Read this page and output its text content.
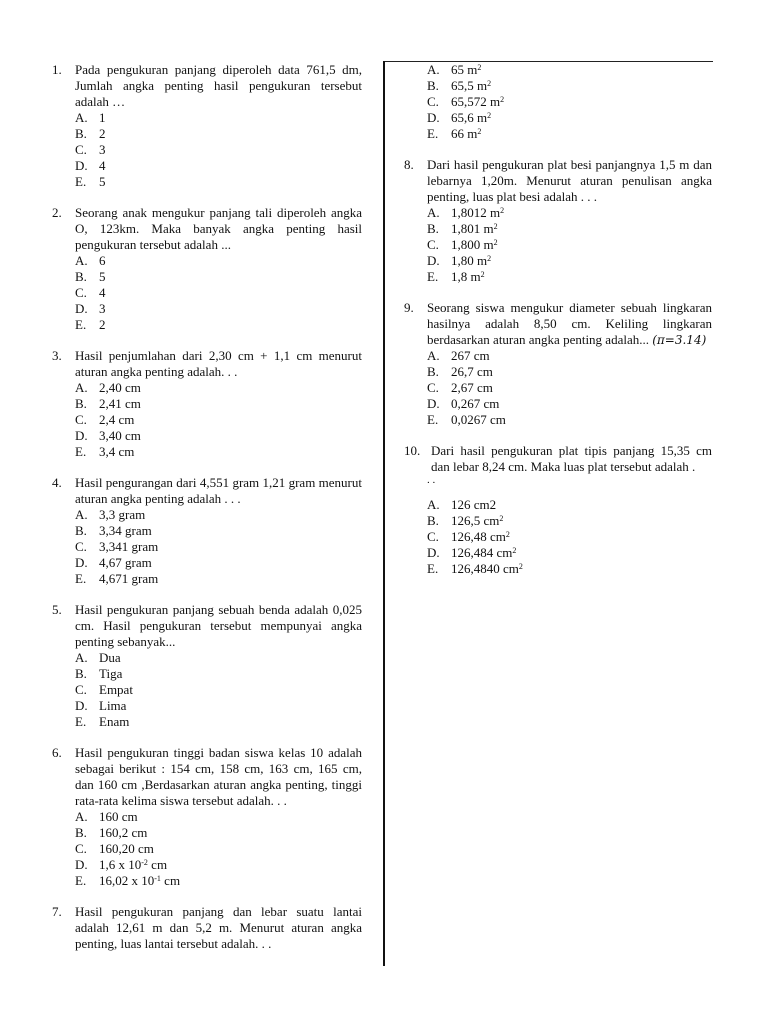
1.	Pada pengukuran panjang diperoleh data 761,5 dm, Jumlah angka penting hasil pengukuran tersebut adalah …
A. 1
B. 2
C. 3
D. 4
E. 5
2.	Seorang anak mengukur panjang tali diperoleh angka O, 123km. Maka banyak angka penting hasil pengukuran tersebut adalah ...
A. 6
B. 5
C. 4
D. 3
E. 2
3.	Hasil penjumlahan dari 2,30 cm + 1,1 cm menurut aturan angka penting adalah. . .
A. 2,40 cm
B. 2,41 cm
C. 2,4 cm
D. 3,40 cm
E. 3,4 cm
4.	Hasil pengurangan dari 4,551 gram 1,21 gram menurut aturan angka penting adalah . . .
A. 3,3 gram
B. 3,34 gram
C. 3,341 gram
D. 4,67 gram
E. 4,671 gram
5.	Hasil pengukuran panjang sebuah benda adalah 0,025 cm. Hasil pengukuran tersebut mempunyai angka penting sebanyak...
A. Dua
B. Tiga
C. Empat
D. Lima
E. Enam
6.	Hasil pengukuran tinggi badan siswa kelas 10 adalah sebagai berikut : 154 cm, 158 cm, 163 cm, 165 cm, dan 160 cm ,Berdasarkan aturan angka penting, tinggi rata-rata kelima siswa tersebut adalah. . .
A. 160 cm
B. 160,2 cm
C. 160,20 cm
D. 1,6 x $10^{-2}$ cm
E. 16,02 x $10^{-1}$ cm
7.	Hasil pengukuran panjang dan lebar suatu lantai adalah 12,61 m dan 5,2 m. Menurut aturan angka penting, luas lantai tersebut adalah. . .
A. 65 $m^2$
B. 65,5 $m^2$
C. 65,572 $m^2$
D. 65,6 $m^2$
E. 66 $m^2$
8.	Dari hasil pengukuran plat besi panjangnya 1,5 m dan lebarnya 1,20m. Menurut aturan penulisan angka penting, luas plat besi adalah . . .
A. 1,8012 $m^2$
B. 1,801 $m^2$
C. 1,800 $m^2$
D. 1,80 $m^2$
E. 1,8 $m^2$
9.	Seorang siswa mengukur diameter sebuah lingkaran hasilnya adalah 8,50 cm. Keliling lingkaran berdasarkan aturan angka penting adalah... (π=3.14)
A. 267 cm
B. 26,7 cm
C. 2,67 cm
D. 0,267 cm
E. 0,0267 cm
10. Dari hasil pengukuran plat tipis panjang 15,35 cm dan lebar 8,24 cm. Maka luas plat tersebut adalah .
. .
A. 126 cm2
B. 126,5 $cm^2$
C. 126,48 $cm^2$
D. 126,484 $cm^2$
E. 126,4840 $cm^2$
